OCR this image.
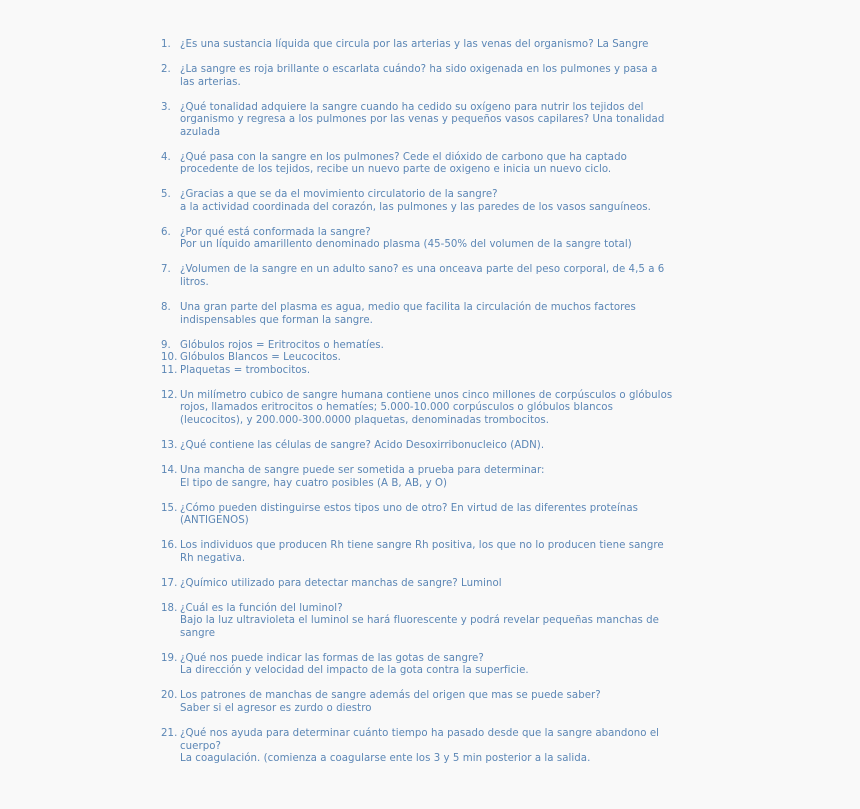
1. ¿Es una sustancia líquida que circula por las arterias y las venas del organismo? La Sangre
2. ¿La sangre es roja brillante o escarlata cuándo? ha sido oxigenada en los pulmones y pasa a
las arterias.
3. ¿Qué tonalidad adquiere la sangre cuando ha cedido su oxígeno para nutrir los tejidos del
organismo y regresa a los pulmones por las venas y pequeños vasos capilares? Una tonalidad
azulada
4. ¿Qué pasa con la sangre en los pulmones? Cede el dióxido de carbono que ha captado
procedente de los tejidos, recibe un nuevo parte de oxigeno e inicia un nuevo ciclo.
5. ¿Gracias a que se da el movimiento circulatorio de la sangre?
a la actividad coordinada del corazón, las pulmones y las paredes de los vasos sanguíneos.
6. ¿Por qué está conformada la sangre?
Por un líquido amarillento denominado plasma (45-50% del volumen de la sangre total)
7. ¿Volumen de la sangre en un adulto sano? es una onceava parte del peso corporal, de 4,5 a 6
litros.
8. Una gran parte del plasma es agua, medio que facilita la circulación de muchos factores
indispensables que forman la sangre.
9. Glóbulos rojos = Eritrocitos o hematíes.
10. Glóbulos Blancos = Leucocitos.
11. Plaquetas = trombocitos.
12. Un milímetro cubico de sangre humana contiene unos cinco millones de corpúsculos o glóbulos
rojos, llamados eritrocitos o hematíes; 5.000-10.000 corpúsculos o glóbulos blancos
(leucocitos), y 200.000-300.0000 plaquetas, denominadas trombocitos.
13. ¿Qué contiene las células de sangre? Acido Desoxirribonucleico (ADN).
14. Una mancha de sangre puede ser sometida a prueba para determinar:
El tipo de sangre, hay cuatro posibles (A B, AB, y O)
15. ¿Cómo pueden distinguirse estos tipos uno de otro? En virtud de las diferentes proteínas
(ANTIGENOS)
16. Los individuos que producen Rh tiene sangre Rh positiva, los que no lo producen tiene sangre
Rh negativa.
17. ¿Químico utilizado para detectar manchas de sangre? Luminol
18. ¿Cuál es la función del luminol?
Bajo la luz ultravioleta el luminol se hará fluorescente y podrá revelar pequeñas manchas de
sangre
19. ¿Qué nos puede indicar las formas de las gotas de sangre?
La dirección y velocidad del impacto de la gota contra la superficie.
20. Los patrones de manchas de sangre además del origen que mas se puede saber?
Saber si el agresor es zurdo o diestro
21. ¿Qué nos ayuda para determinar cuánto tiempo ha pasado desde que la sangre abandono el
cuerpo?
La coagulación. (comienza a coagularse ente los 3 y 5 min posterior a la salida.
